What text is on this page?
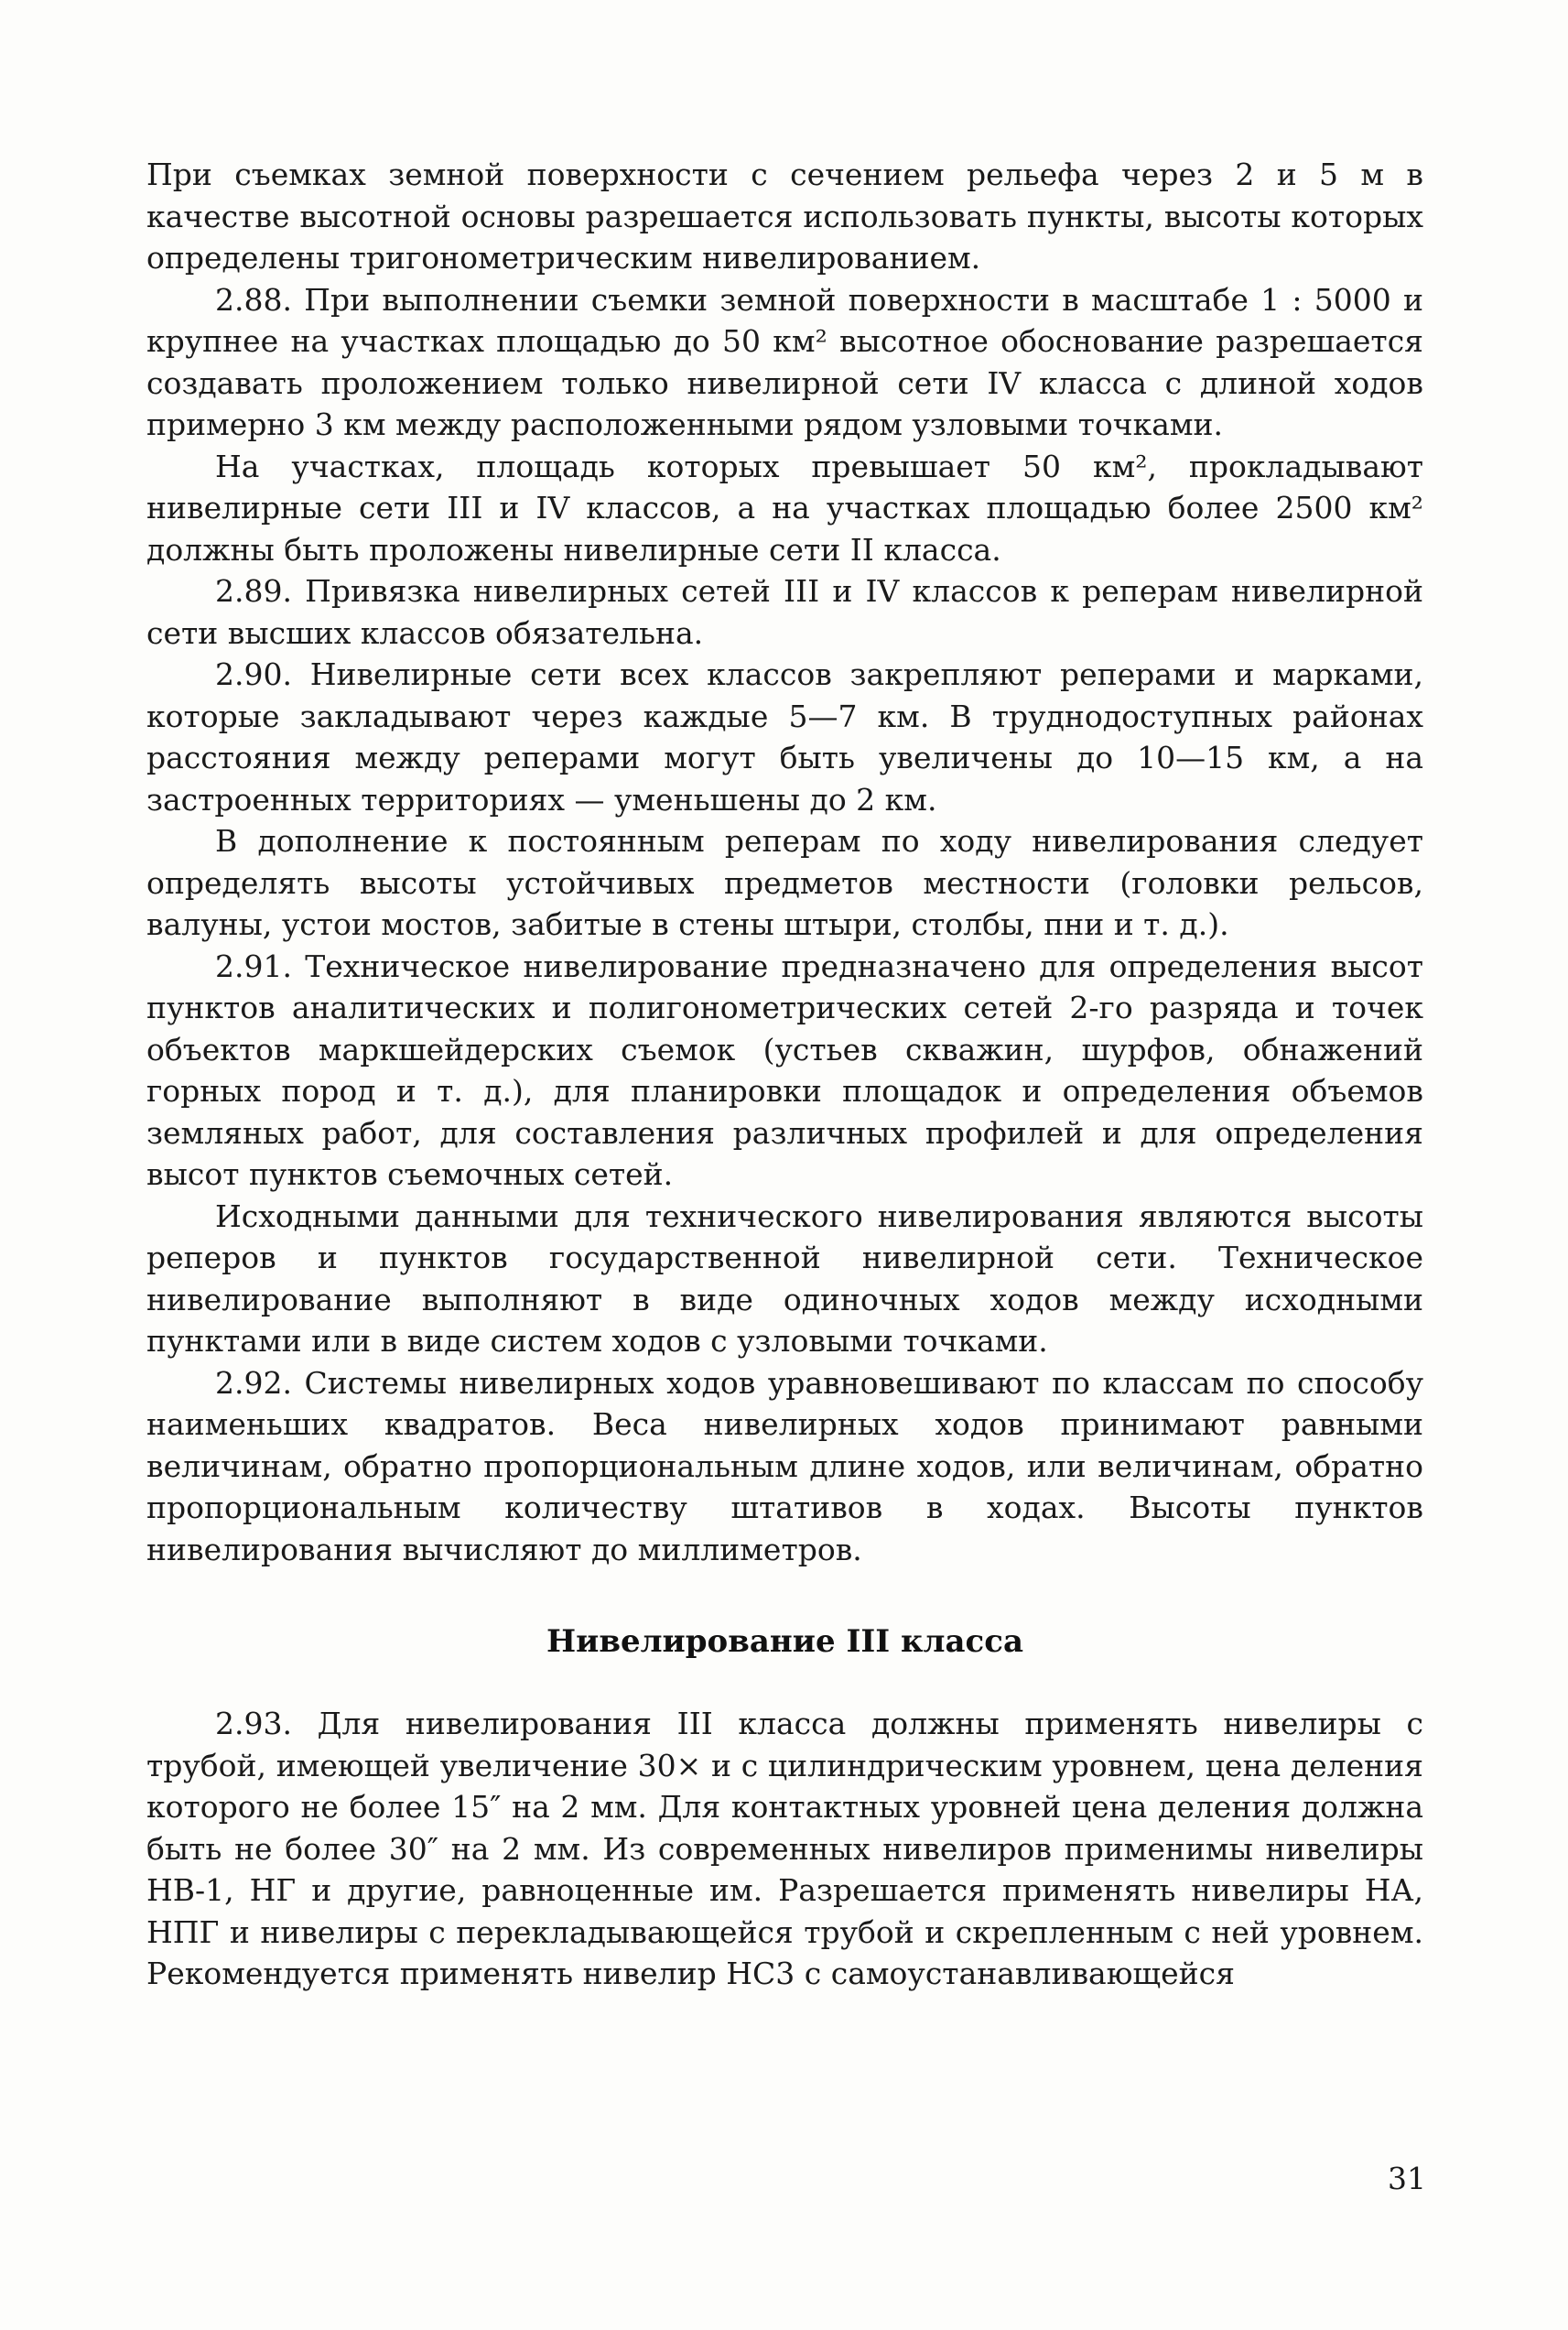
При съемках земной поверхности с сечением рельефа через 2 и 5 м в качестве высотной основы разрешается использовать пункты, высоты которых определены тригонометрическим нивелированием.

2.88. При выполнении съемки земной поверхности в масштабе 1 : 5000 и крупнее на участках площадью до 50 км² высотное обоснование разрешается создавать проложением только нивелирной сети IV класса с длиной ходов примерно 3 км между расположенными рядом узловыми точками.

На участках, площадь которых превышает 50 км², прокладывают нивелирные сети III и IV классов, а на участках площадью более 2500 км² должны быть проложены нивелирные сети II класса.

2.89. Привязка нивелирных сетей III и IV классов к реперам нивелирной сети высших классов обязательна.

2.90. Нивелирные сети всех классов закрепляют реперами и марками, которые закладывают через каждые 5—7 км. В труднодоступных районах расстояния между реперами могут быть увеличены до 10—15 км, а на застроенных территориях — уменьшены до 2 км.

В дополнение к постоянным реперам по ходу нивелирования следует определять высоты устойчивых предметов местности (головки рельсов, валуны, устои мостов, забитые в стены штыри, столбы, пни и т. д.).

2.91. Техническое нивелирование предназначено для определения высот пунктов аналитических и полигонометрических сетей 2-го разряда и точек объектов маркшейдерских съемок (устьев скважин, шурфов, обнажений горных пород и т. д.), для планировки площадок и определения объемов земляных работ, для составления различных профилей и для определения высот пунктов съемочных сетей.

Исходными данными для технического нивелирования являются высоты реперов и пунктов государственной нивелирной сети. Техническое нивелирование выполняют в виде одиночных ходов между исходными пунктами или в виде систем ходов с узловыми точками.

2.92. Системы нивелирных ходов уравновешивают по классам по способу наименьших квадратов. Веса нивелирных ходов принимают равными величинам, обратно пропорциональным длине ходов, или величинам, обратно пропорциональным количеству штативов в ходах. Высоты пунктов нивелирования вычисляют до миллиметров.

Нивелирование III класса

2.93. Для нивелирования III класса должны применять нивелиры с трубой, имеющей увеличение 30× и с цилиндрическим уровнем, цена деления которого не более 15″ на 2 мм. Для контактных уровней цена деления должна быть не более 30″ на 2 мм. Из современных нивелиров применимы нивелиры НВ-1, НГ и другие, равноценные им. Разрешается применять нивелиры НА, НПГ и нивелиры с перекладывающейся трубой и скрепленным с ней уровнем. Рекомендуется применять нивелир НС3 с самоустанавливающейся

31
